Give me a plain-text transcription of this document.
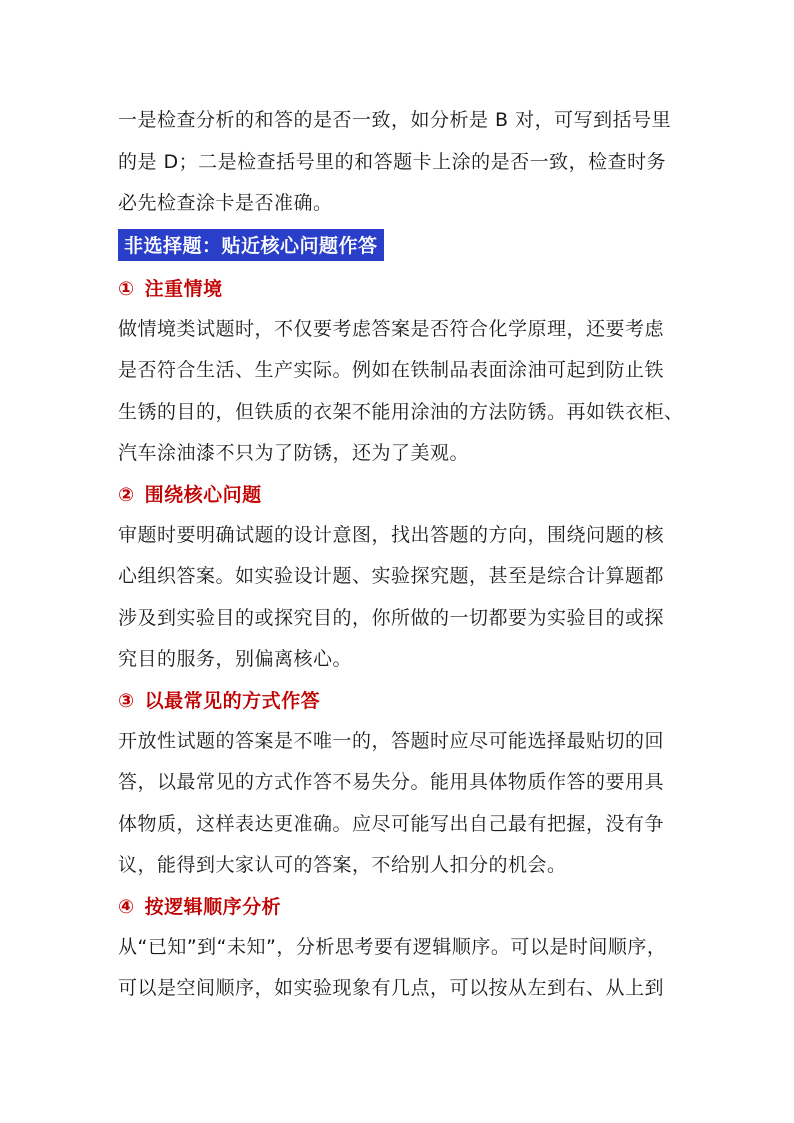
一是检查分析的和答的是否一致，如分析是 B 对，可写到括号里
的是 D；二是检查括号里的和答题卡上涂的是否一致，检查时务
必先检查涂卡是否准确。

非选择题：贴近核心问题作答
① 注重情境

做情境类试题时，不仅要考虑答案是否符合化学原理，还要考虑
是否符合生活、生产实际。例如在铁制品表面涂油可起到防止铁
生锈的目的，但铁质的衣架不能用涂油的方法防锈。再如铁衣柜、
汽车涂油漆不只为了防锈，还为了美观。

② 围绕核心问题

审题时要明确试题的设计意图，找出答题的方向，围绕问题的核
心组织答案。如实验设计题、实验探究题，甚至是综合计算题都
涉及到实验目的或探究目的，你所做的一切都要为实验目的或探
究目的服务，别偏离核心。

③ 以最常见的方式作答

开放性试题的答案是不唯一的，答题时应尽可能选择最贴切的回
答，以最常见的方式作答不易失分。能用具体物质作答的要用具
体物质，这样表达更准确。应尽可能写出自己最有把握，没有争
议，能得到大家认可的答案，不给别人扣分的机会。

④ 按逻辑顺序分析

从“已知”到“未知”，分析思考要有逻辑顺序。可以是时间顺序，
可以是空间顺序，如实验现象有几点，可以按从左到右、从上到
